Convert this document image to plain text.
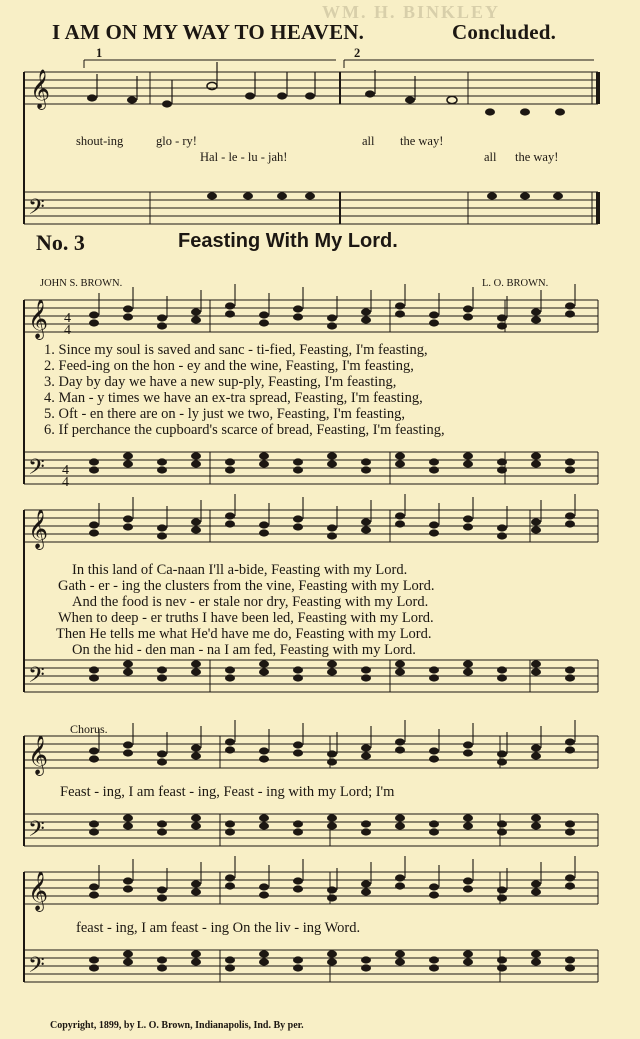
WM. H. BINKLEY
I AM ON MY WAY TO HEAVEN.	Concluded.
𝄞
𝄢
shout-ing	glo - ry!	all the way!
Hal - le - lu - jah!	all the way!
1	2
No. 3	Feasting With My Lord.
JOHN S. BROWN.	L. O. BROWN.
𝄞
𝄢
𝄞
𝄢
𝄞
𝄢
𝄞
𝄢
4
4
4
4
1. Since my soul is saved and sanc - ti-fied, Feasting, I'm feasting,
2. Feed-ing on the hon - ey and the wine, Feasting, I'm feasting,
3. Day by day we have a new sup-ply, Feasting, I'm feasting,
4. Man - y times we have an ex-tra spread, Feasting, I'm feasting,
5. Oft - en there are on - ly just we two, Feasting, I'm feasting,
6. If perchance the cupboard's scarce of bread, Feasting, I'm feasting,
In this land of Ca-naan I'll a-bide, Feasting with my Lord.
Gath - er - ing the clusters from the vine, Feasting with my Lord.
And the food is nev - er stale nor dry, Feasting with my Lord.
When to deep - er truths I have been led, Feasting with my Lord.
Then He tells me what He'd have me do, Feasting with my Lord.
On the hid - den man - na I am fed, Feasting with my Lord.
Chorus.
Feast - ing, I am feast - ing, Feast - ing with my Lord; I'm
feast - ing, I am feast - ing On the liv - ing Word.
Copyright, 1899, by L. O. Brown, Indianapolis, Ind. By per.
